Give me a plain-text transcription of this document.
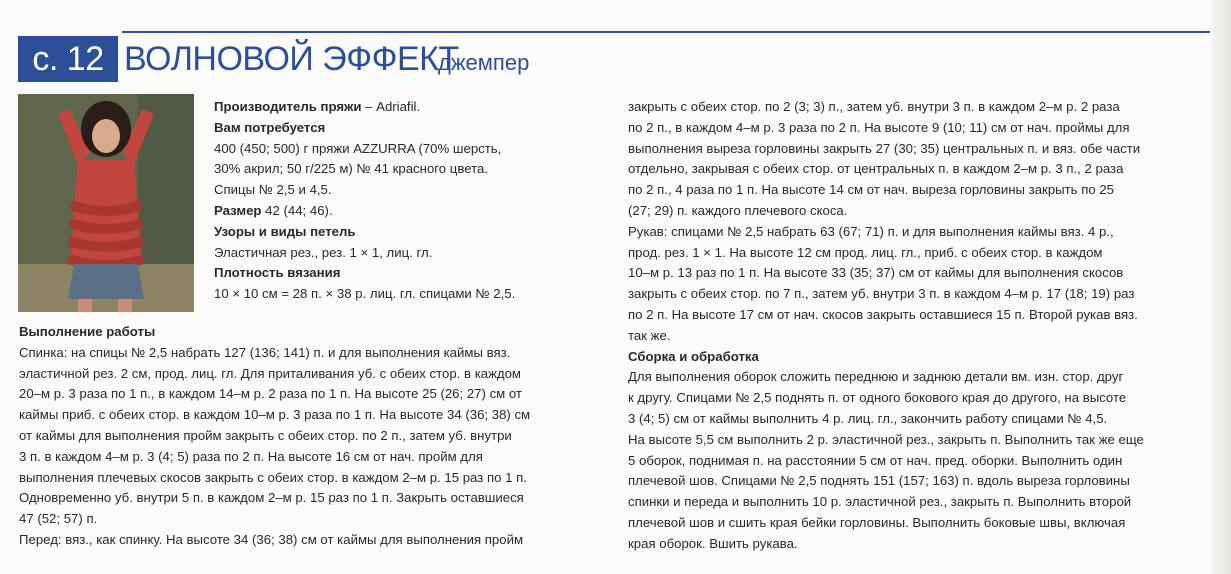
с. 12 ВОЛНОВОЙ ЭФФЕКТ
джемпер
Производитель пряжи – Adriafil.
Вам потребуется
400 (450; 500) г пряжи AZZURRA (70% шерсть,
30% акрил; 50 г/225 м) № 41 красного цвета.
Спицы № 2,5 и 4,5.
Размер 42 (44; 46).
Узоры и виды петель
Эластичная рез., рез. 1 × 1, лиц. гл.
Плотность вязания
10 × 10 см = 28 п. × 38 р. лиц. гл. спицами № 2,5.
Выполнение работы
Спинка: на спицы № 2,5 набрать 127 (136; 141) п. и для выполнения каймы вяз.
эластичной рез. 2 см, прод. лиц. гл. Для приталивания уб. с обеих стор. в каждом
20–м р. 3 раза по 1 п., в каждом 14–м р. 2 раза по 1 п. На высоте 25 (26; 27) см от
каймы приб. с обеих стор. в каждом 10–м р. 3 раза по 1 п. На высоте 34 (36; 38) см
от каймы для выполнения пройм закрыть с обеих стор. по 2 п., затем уб. внутри
3 п. в каждом 4–м р. 3 (4; 5) раза по 2 п. На высоте 16 см от нач. пройм для
выполнения плечевых скосов закрыть с обеих стор. в каждом 2–м р. 15 раз по 1 п.
Одновременно уб. внутри 5 п. в каждом 2–м р. 15 раз по 1 п. Закрыть оставшиеся
47 (52; 57) п.
Перед: вяз., как спинку. На высоте 34 (36; 38) см от каймы для выполнения пройм
закрыть с обеих стор. по 2 (3; 3) п., затем уб. внутри 3 п. в каждом 2–м р. 2 раза
по 2 п., в каждом 4–м р. 3 раза по 2 п. На высоте 9 (10; 11) см от нач. проймы для
выполнения выреза горловины закрыть 27 (30; 35) центральных п. и вяз. обе части
отдельно, закрывая с обеих стор. от центральных п. в каждом 2–м р. 3 п., 2 раза
по 2 п., 4 раза по 1 п. На высоте 14 см от нач. выреза горловины закрыть по 25
(27; 29) п. каждого плечевого скоса.
Рукав: спицами № 2,5 набрать 63 (67; 71) п. и для выполнения каймы вяз. 4 р.,
прод. рез. 1 × 1. На высоте 12 см прод. лиц. гл., приб. с обеих стор. в каждом
10–м р. 13 раз по 1 п. На высоте 33 (35; 37) см от каймы для выполнения скосов
закрыть с обеих стор. по 7 п., затем уб. внутри 3 п. в каждом 4–м р. 17 (18; 19) раз
по 2 п. На высоте 17 см от нач. скосов закрыть оставшиеся 15 п. Второй рукав вяз.
так же.
Сборка и обработка
Для выполнения оборок сложить переднюю и заднюю детали вм. изн. стор. друг
к другу. Спицами № 2,5 поднять п. от одного бокового края до другого, на высоте
3 (4; 5) см от каймы выполнить 4 р. лиц. гл., закончить работу спицами № 4,5.
На высоте 5,5 см выполнить 2 р. эластичной рез., закрыть п. Выполнить так же еще
5 оборок, поднимая п. на расстоянии 5 см от нач. пред. оборки. Выполнить один
плечевой шов. Спицами № 2,5 поднять 151 (157; 163) п. вдоль выреза горловины
спинки и переда и выполнить 10 р. эластичной рез., закрыть п. Выполнить второй
плечевой шов и сшить края бейки горловины. Выполнить боковые швы, включая
края оборок. Вшить рукава.
